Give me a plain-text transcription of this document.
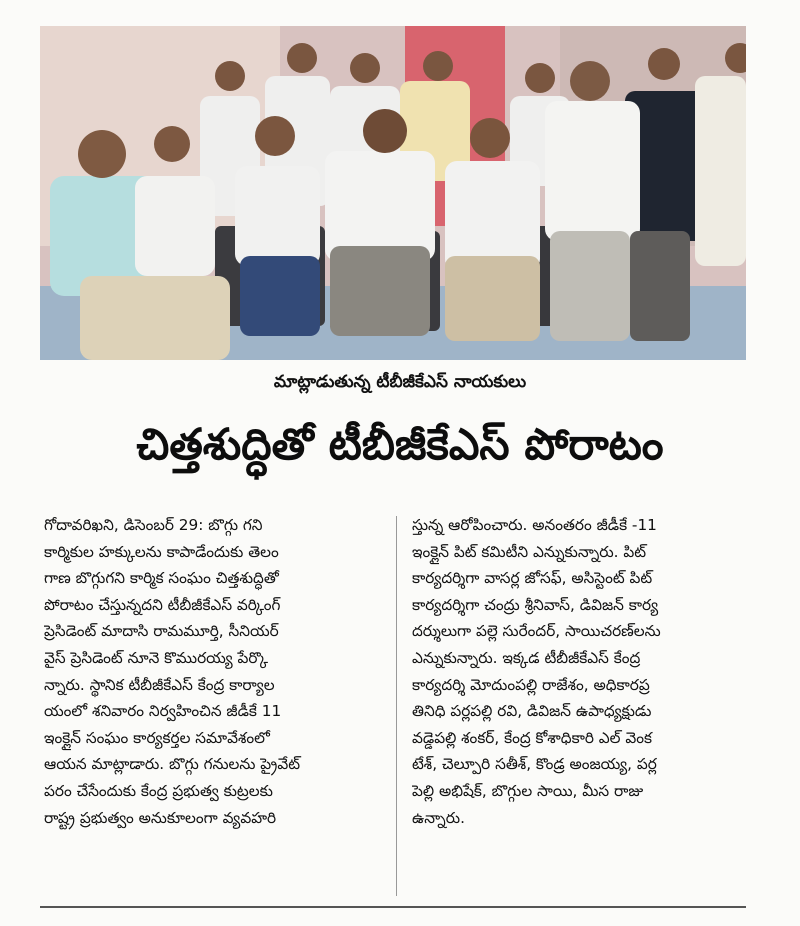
మాట్లాడుతున్న టీబీజీకేఎస్ నాయకులు
చిత్తశుద్ధితో టీబీజీకేఎస్ పోరాటం
గోదావరిఖని, డిసెంబర్ 29: బొగ్గు గని
కార్మికుల హక్కులను కాపాడేందుకు తెలం
గాణ బొగ్గుగని కార్మిక సంఘం చిత్తశుద్ధితో
పోరాటం చేస్తున్నదని టీబీజీకేఎస్ వర్కింగ్
ప్రెసిడెంట్ మాదాసి రామమూర్తి, సీనియర్
వైస్ ప్రెసిడెంట్ నూనె కొమురయ్య పేర్కొ
న్నారు. స్థానిక టీబీజీకేఎస్ కేంద్ర కార్యాల
యంలో శనివారం నిర్వహించిన జీడీకే 11
ఇంక్లైన్ సంఘం కార్యకర్తల సమావేశంలో
ఆయన మాట్లాడారు. బొగ్గు గనులను ప్రైవేట్
పరం చేసేందుకు కేంద్ర ప్రభుత్వ కుట్రలకు
రాష్ట్ర ప్రభుత్వం అనుకూలంగా వ్యవహరి
స్తున్న ఆరోపించారు. అనంతరం జీడీకే -11
ఇంక్లైన్ పిట్ కమిటీని ఎన్నుకున్నారు. పిట్
కార్యదర్శిగా వాసర్ల జోసఫ్, అసిస్టెంట్ పిట్
కార్యదర్శిగా చంద్రు శ్రీనివాస్, డివిజన్ కార్య
దర్శులుగా పల్లె సురేందర్, సాయిచరణ్‌లను
ఎన్నుకున్నారు. ఇక్కడ టీబీజీకేఎస్ కేంద్ర
కార్యదర్శి మోదుంపల్లి రాజేశం, అధికారప్ర
తినిధి పర్లపల్లి రవి, డివిజన్ ఉపాధ్యక్షుడు
వడ్డెపల్లి శంకర్, కేంద్ర కోశాధికారి ఎల్ వెంక
టేశ్, చెల్పూరి సతీశ్, కొండ్ర అంజయ్య, పర్ల
పెల్లి అభిషేక్, బొగ్గుల సాయి, మీస రాజు
ఉన్నారు.
